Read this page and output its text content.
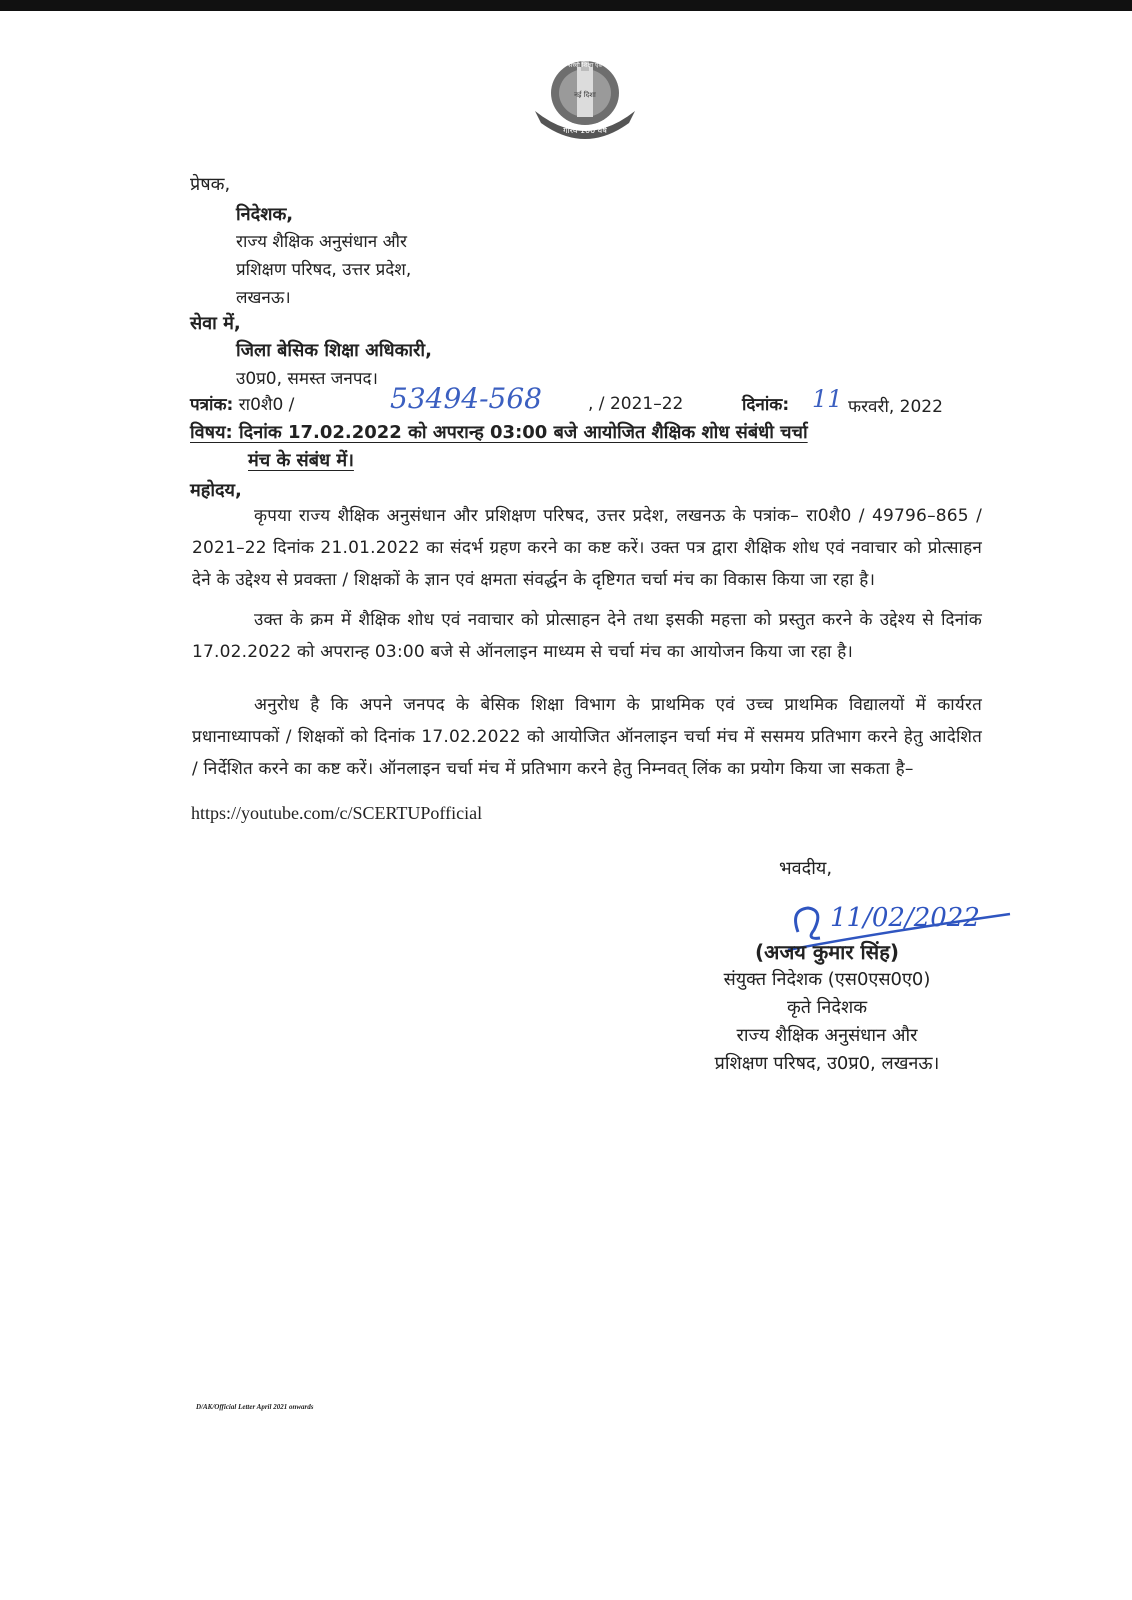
गौरव 100 वर्ष
सच्ची शिक्षा एवं
नई दिशा
प्रेषक,
निदेशक,
राज्य शैक्षिक अनुसंधान और
प्रशिक्षण परिषद, उत्तर प्रदेश,
लखनऊ।
सेवा में,
जिला बेसिक शिक्षा अधिकारी,
उ0प्र0, समस्त जनपद।
पत्रांक: रा0शै0 /	53494-568	, / 2021–22	दिनांक: 11 फरवरी, 2022
विषय: दिनांक 17.02.2022 को अपरान्ह 03:00 बजे आयोजित शैक्षिक शोध संबंधी चर्चा
मंच के संबंध में।
महोदय,
कृपया राज्य शैक्षिक अनुसंधान और प्रशिक्षण परिषद, उत्तर प्रदेश, लखनऊ के पत्रांक– रा0शै0 / 49796–865 / 2021–22 दिनांक 21.01.2022 का संदर्भ ग्रहण करने का कष्ट करें। उक्त पत्र द्वारा शैक्षिक शोध एवं नवाचार को प्रोत्साहन देने के उद्देश्य से प्रवक्ता / शिक्षकों के ज्ञान एवं क्षमता संवर्द्धन के दृष्टिगत चर्चा मंच का विकास किया जा रहा है।
उक्त के क्रम में शैक्षिक शोध एवं नवाचार को प्रोत्साहन देने तथा इसकी महत्ता को प्रस्तुत करने के उद्देश्य से दिनांक 17.02.2022 को अपरान्ह 03:00 बजे से ऑनलाइन माध्यम से चर्चा मंच का आयोजन किया जा रहा है।
अनुरोध है कि अपने जनपद के बेसिक शिक्षा विभाग के प्राथमिक एवं उच्च प्राथमिक विद्यालयों में कार्यरत प्रधानाध्यापकों / शिक्षकों को दिनांक 17.02.2022 को आयोजित ऑनलाइन चर्चा मंच में ससमय प्रतिभाग करने हेतु आदेशित / निर्देशित करने का कष्ट करें। ऑनलाइन चर्चा मंच में प्रतिभाग करने हेतु निम्नवत् लिंक का प्रयोग किया जा सकता है–
https://youtube.com/c/SCERTUPofficial
भवदीय,
11/02/2022
(अजय कुमार सिंह)
संयुक्त निदेशक (एस0एस0ए0)
कृते निदेशक
राज्य शैक्षिक अनुसंधान और
प्रशिक्षण परिषद, उ0प्र0, लखनऊ।
D/AK/Official Letter April 2021 onwards
